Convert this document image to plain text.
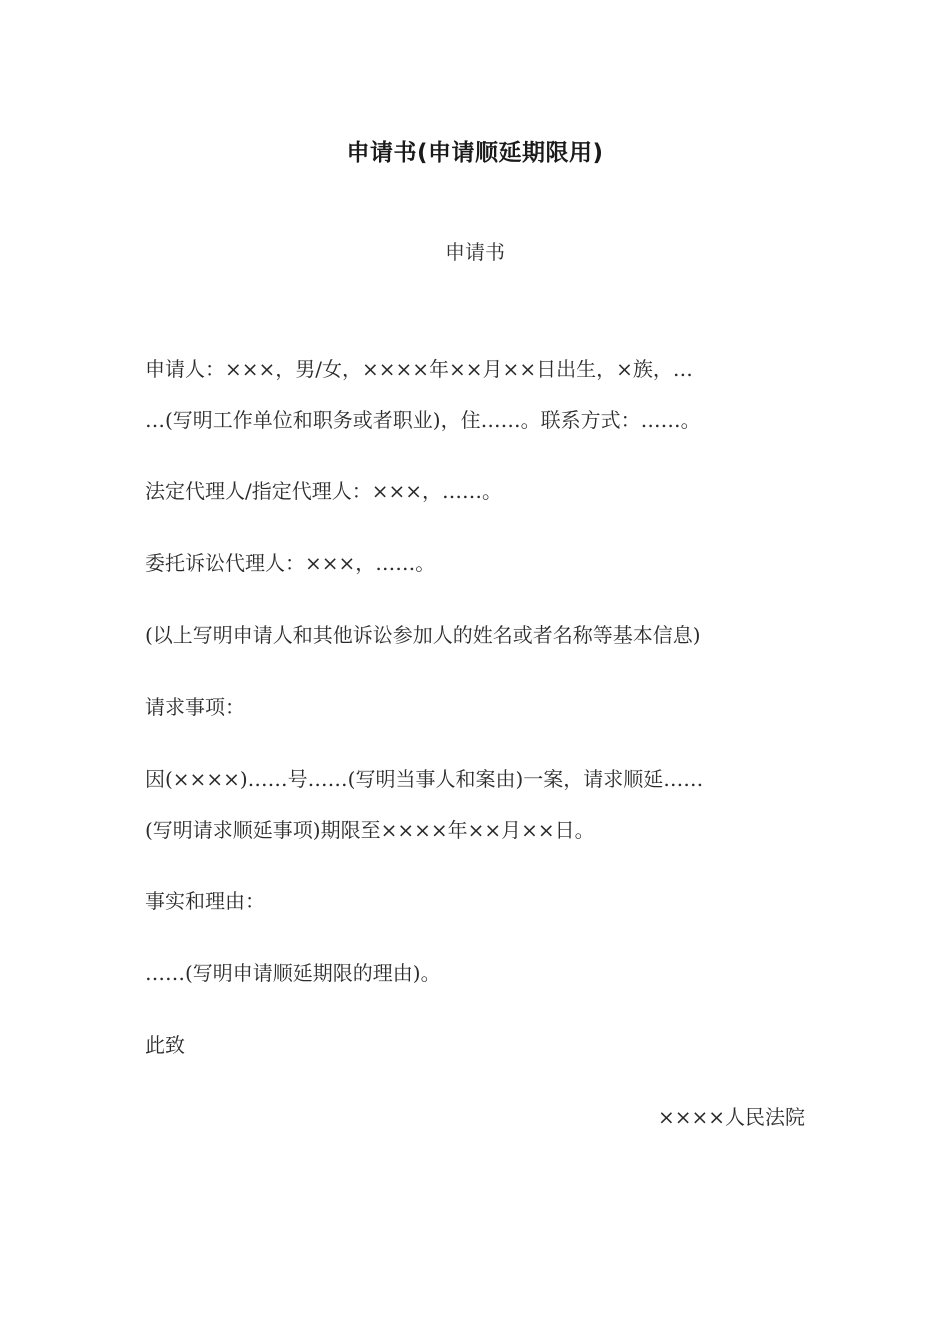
申请书(申请顺延期限用)
申请书
申请人：×××，男/女，××××年××月××日出生，×族，…
…(写明工作单位和职务或者职业)，住……。联系方式：……。
法定代理人/指定代理人：×××，……。
委托诉讼代理人：×××，……。
(以上写明申请人和其他诉讼参加人的姓名或者名称等基本信息)
请求事项：
因(××××)……号……(写明当事人和案由)一案，请求顺延……
(写明请求顺延事项)期限至××××年××月××日。
事实和理由：
……(写明申请顺延期限的理由)。
此致
××××人民法院
